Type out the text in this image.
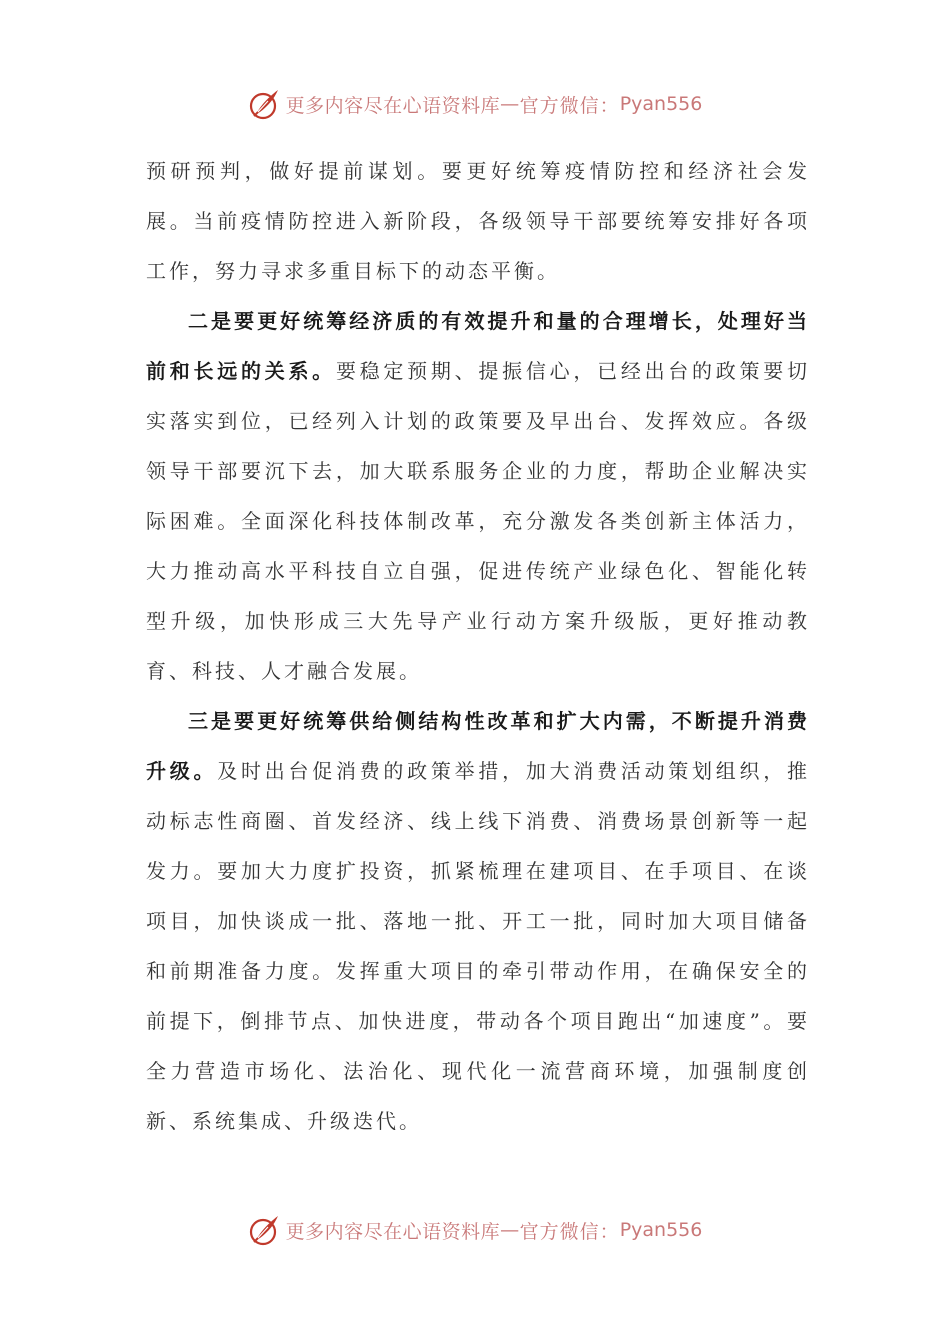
更多内容尽在心语资料库 — 官方微信： Pyan556

预研预判，做好提前谋划。要更好统筹疫情防控和经济社会发展。当前疫情防控进入新阶段，各级领导干部要统筹安排好各项工作，努力寻求多重目标下的动态平衡。

二是要更好统筹经济质的有效提升和量的合理增长，处理好当前和长远的关系。要稳定预期、提振信心，已经出台的政策要切实落实到位，已经列入计划的政策要及早出台、发挥效应。各级领导干部要沉下去，加大联系服务企业的力度，帮助企业解决实际困难。全面深化科技体制改革，充分激发各类创新主体活力，大力推动高水平科技自立自强，促进传统产业绿色化、智能化转型升级，加快形成三大先导产业行动方案升级版，更好推动教育、科技、人才融合发展。

三是要更好统筹供给侧结构性改革和扩大内需，不断提升消费升级。及时出台促消费的政策举措，加大消费活动策划组织，推动标志性商圈、首发经济、线上线下消费、消费场景创新等一起发力。要加大力度扩投资，抓紧梳理在建项目、在手项目、在谈项目，加快谈成一批、落地一批、开工一批，同时加大项目储备和前期准备力度。发挥重大项目的牵引带动作用，在确保安全的前提下，倒排节点、加快进度，带动各个项目跑出“加速度”。要全力营造市场化、法治化、现代化一流营商环境，加强制度创新、系统集成、升级迭代。

更多内容尽在心语资料库 — 官方微信： Pyan556
